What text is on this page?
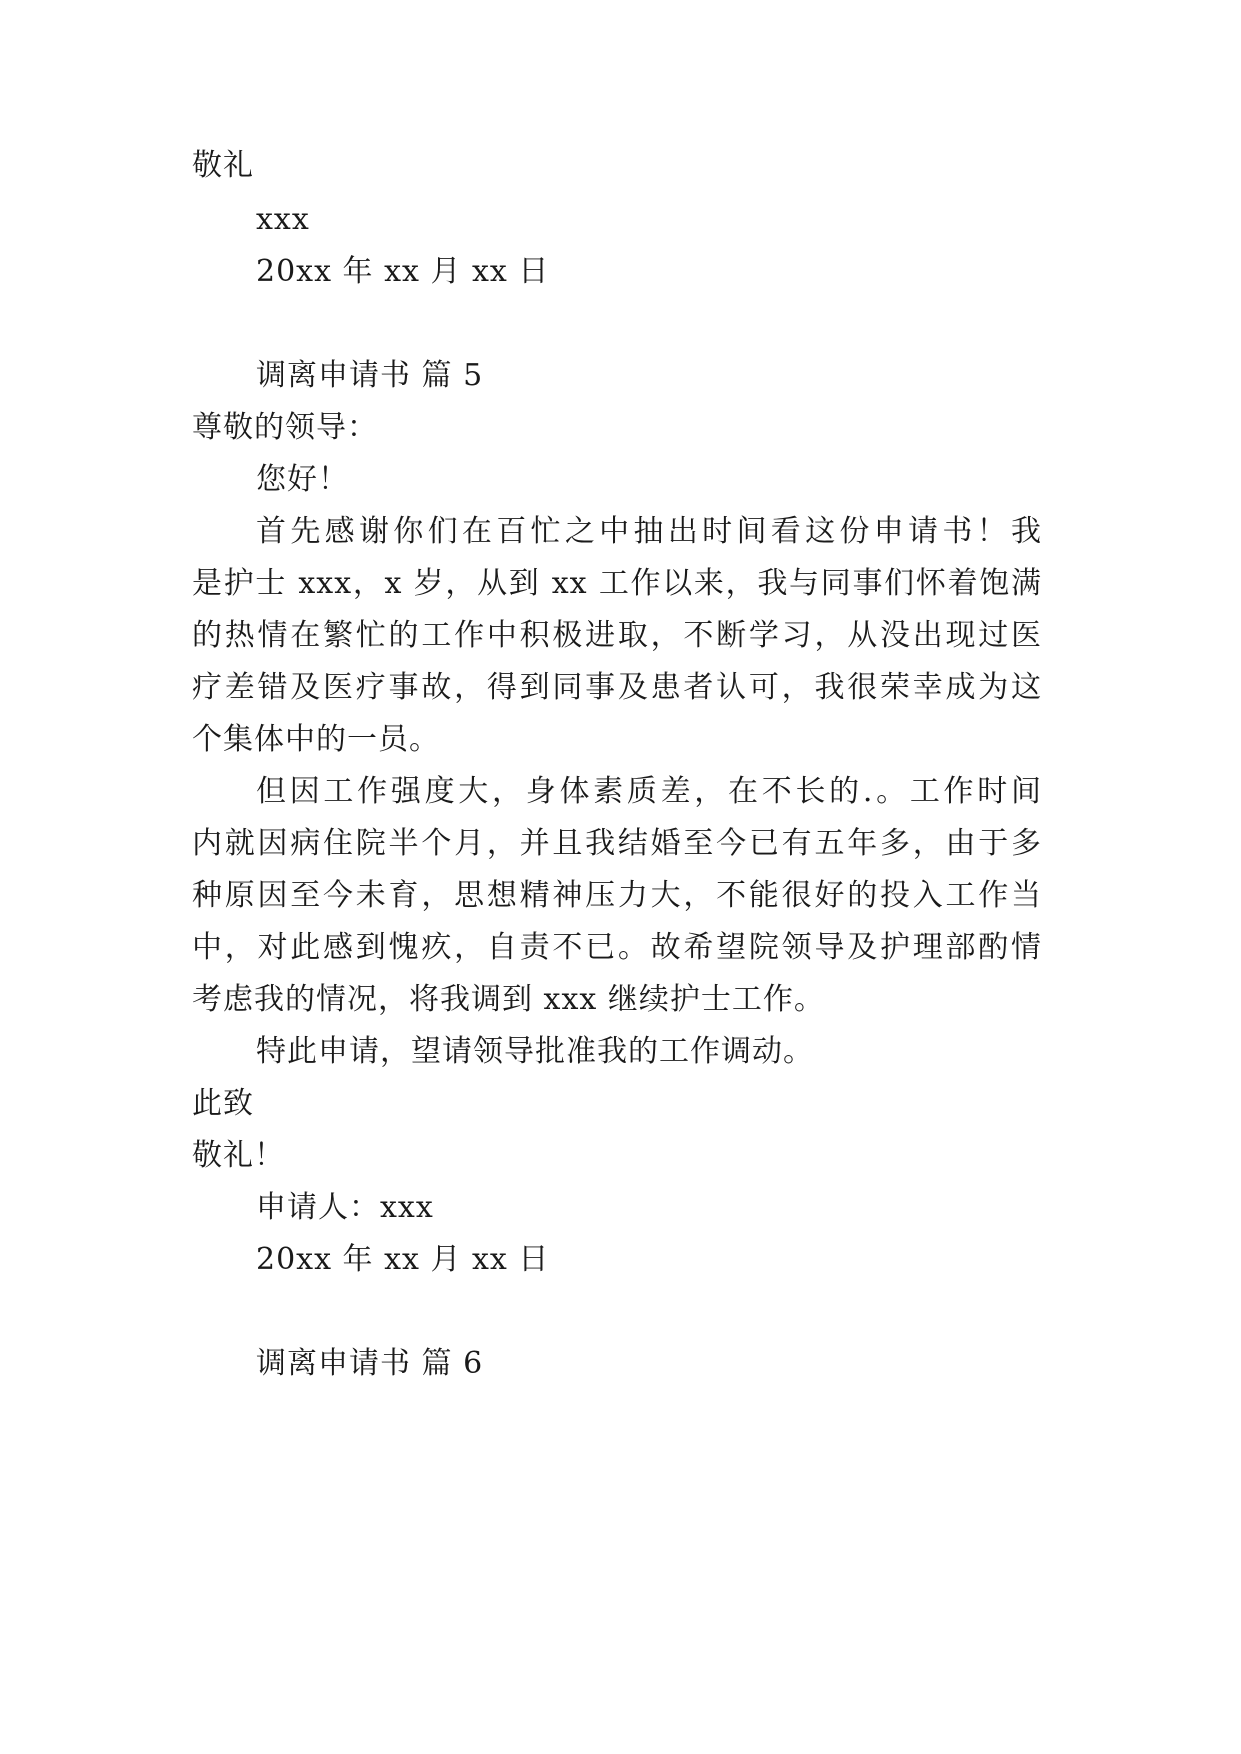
敬礼
xxx
20xx 年 xx 月 xx 日
调离申请书 篇 5
尊敬的领导：
您好！
首先感谢你们在百忙之中抽出时间看这份申请书！我
是护士 xxx，x 岁，从到 xx 工作以来，我与同事们怀着饱满
的热情在繁忙的工作中积极进取，不断学习，从没出现过医
疗差错及医疗事故，得到同事及患者认可，我很荣幸成为这
个集体中的一员。
但因工作强度大，身体素质差，在不长的.。工作时间
内就因病住院半个月，并且我结婚至今已有五年多，由于多
种原因至今未育，思想精神压力大，不能很好的投入工作当
中，对此感到愧疚，自责不已。故希望院领导及护理部酌情
考虑我的情况，将我调到 xxx 继续护士工作。
特此申请，望请领导批准我的工作调动。
此致
敬礼！
申请人：xxx
20xx 年 xx 月 xx 日
调离申请书 篇 6
